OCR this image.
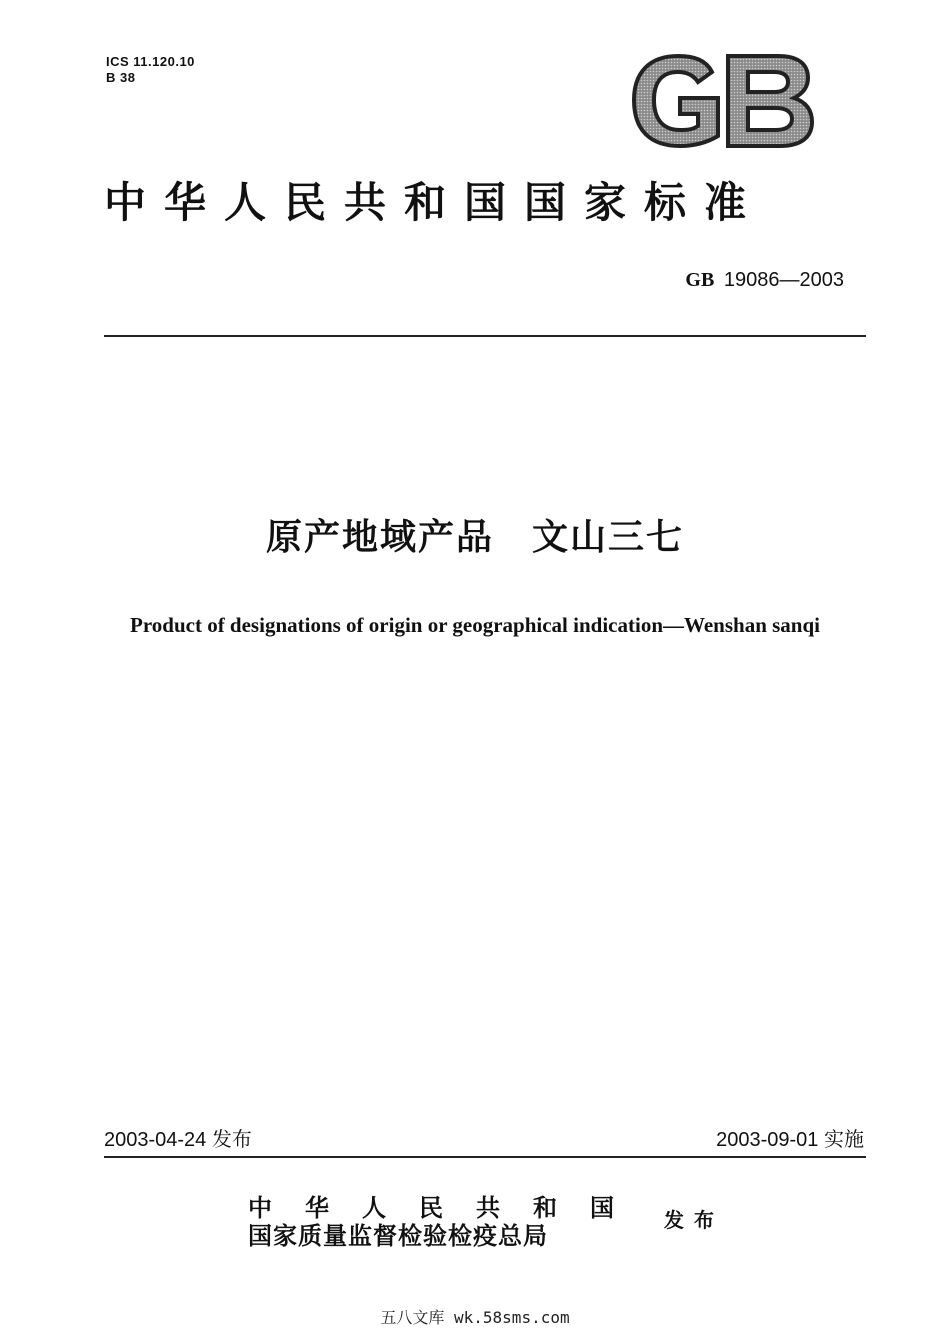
ICS 11.120.10
B 38
中华人民共和国国家标准
GB 19086—2003
原产地域产品　文山三七
Product of designations of origin or geographical indication—Wenshan sanqi
2003-04-24 发布	2003-09-01 实施
中华人民共和国
国家质量监督检验检疫总局
发布
五八文库 wk.58sms.com
